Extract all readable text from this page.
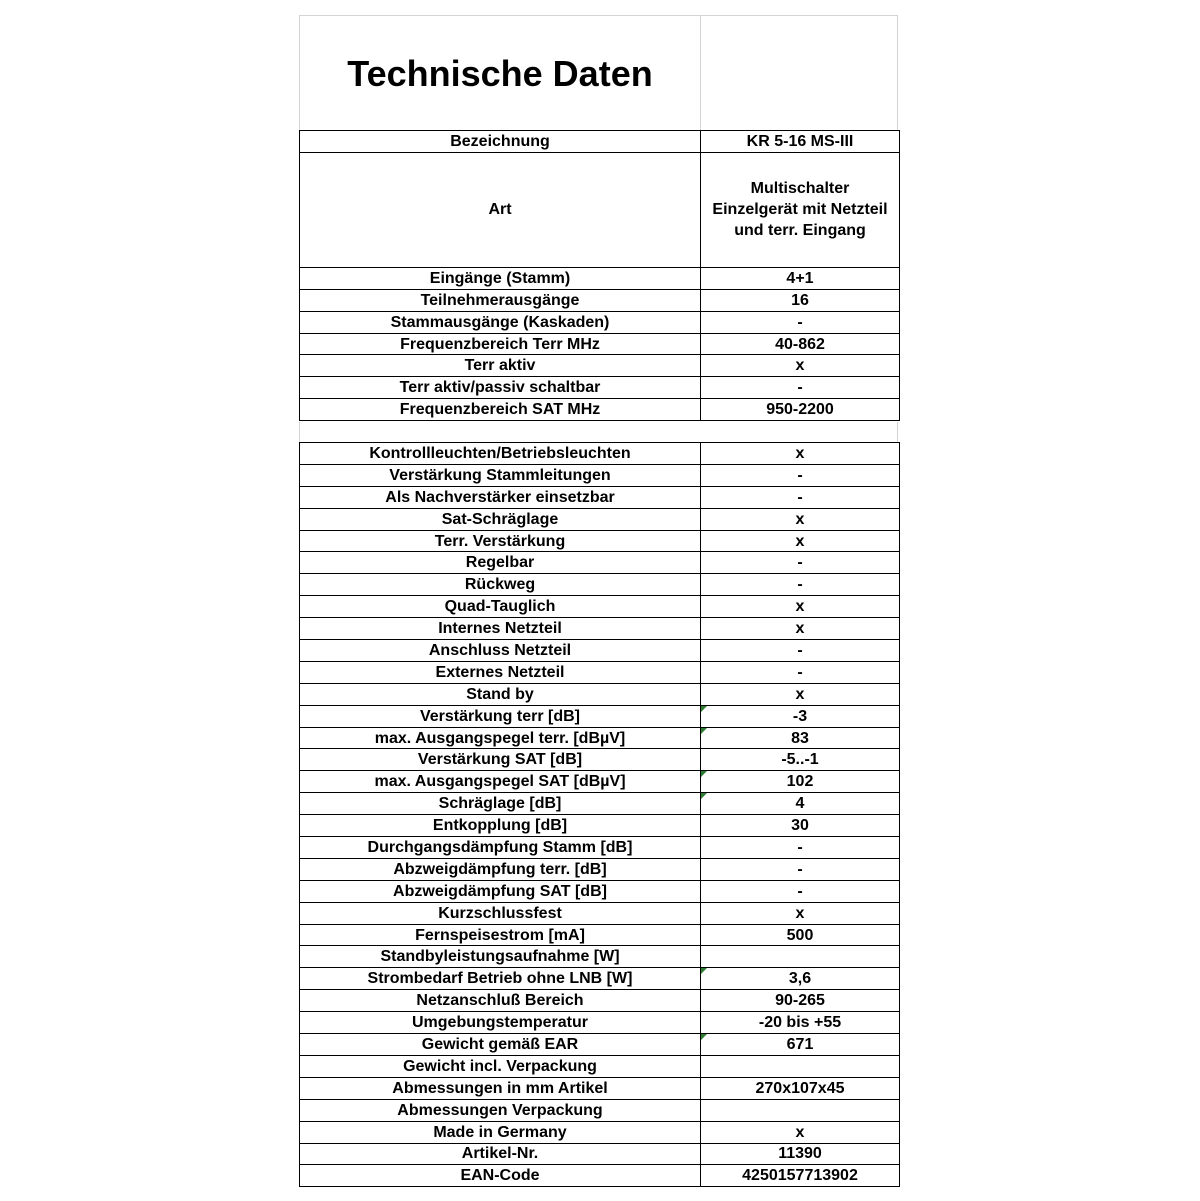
Technische Daten
Bezeichnung	KR 5-16 MS-III
Art	Multischalter
Einzelgerät mit Netzteil
und terr. Eingang

Eingänge (Stamm)	4+1
Teilnehmerausgänge	16
Stammausgänge (Kaskaden)	-
Frequenzbereich Terr MHz	40-862
Terr aktiv	x
Terr aktiv/passiv schaltbar	-
Frequenzbereich SAT MHz	950-2200
Kontrollleuchten/Betriebsleuchten	x
Verstärkung Stammleitungen	-
Als Nachverstärker einsetzbar	-
Sat-Schräglage	x
Terr. Verstärkung	x
Regelbar	-
Rückweg	-
Quad-Tauglich	x
Internes Netzteil	x
Anschluss Netzteil	-
Externes Netzteil	-
Stand by	x
Verstärkung terr [dB]	-3

max. Ausgangspegel terr. [dBµV]	83

Verstärkung SAT [dB]	-5..-1
max. Ausgangspegel SAT [dBµV]	102

Schräglage [dB]	4

Entkopplung [dB]	30
Durchgangsdämpfung Stamm [dB]	-
Abzweigdämpfung terr. [dB]	-
Abzweigdämpfung SAT [dB]	-
Kurzschlussfest	x
Fernspeisestrom [mA]	500
Standbyleistungsaufnahme [W]	
Strombedarf Betrieb ohne LNB [W]	3,6

Netzanschluß Bereich	90-265
Umgebungstemperatur	-20 bis +55
Gewicht gemäß EAR	671

Gewicht incl. Verpackung	
Abmessungen in mm Artikel	270x107x45
Abmessungen Verpackung	
Made in Germany	x
Artikel-Nr.	11390
EAN-Code	4250157713902
